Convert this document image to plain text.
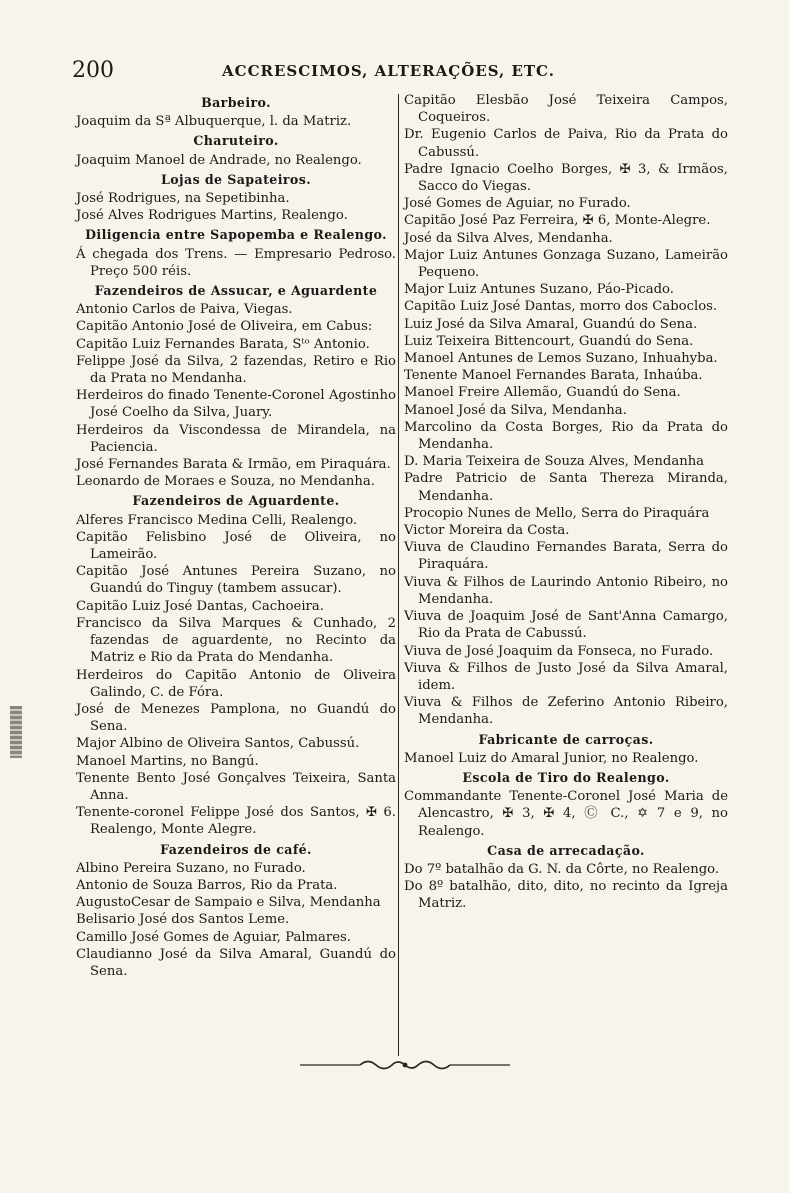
200	ACCRESCIMOS, ALTERAÇÕES, ETC.
Barbeiro.
Joaquim da Sª Albuquerque, l. da Matriz.
Charuteiro.
Joaquim Manoel de Andrade, no Realengo.
Lojas de Sapateiros.
José Rodrigues, na Sepetibinha.
José Alves Rodrigues Martins, Realengo.
Diligencia entre Sapopemba e Realengo.
Á chegada dos Trens. — Empresario Pedroso. Preço 500 réis.
Fazendeiros de Assucar, e Aguardente
Antonio Carlos de Paiva, Viegas.
Capitão Antonio José de Oliveira, em Cabus:
Capitão Luiz Fernandes Barata, Sᵗᵒ Antonio.
Felippe José da Silva, 2 fazendas, Retiro e Rio da Prata no Mendanha.
Herdeiros do finado Tenente-Coronel Agostinho José Coelho da Silva, Juary.
Herdeiros da Viscondessa de Mirandela, na Paciencia.
José Fernandes Barata & Irmão, em Piraquára.
Leonardo de Moraes e Souza, no Mendanha.
Fazendeiros de Aguardente.
Alferes Francisco Medina Celli, Realengo.
Capitão Felisbino José de Oliveira, no Lameirão.
Capitão José Antunes Pereira Suzano, no Guandú do Tinguy (tambem assucar).
Capitão Luiz José Dantas, Cachoeira.
Francisco da Silva Marques & Cunhado, 2 fazendas de aguardente, no Recinto da Matriz e Rio da Prata do Mendanha.
Herdeiros do Capitão Antonio de Oliveira Galindo, C. de Fóra.
José de Menezes Pamplona, no Guandú do Sena.
Major Albino de Oliveira Santos, Cabussú.
Manoel Martins, no Bangú.
Tenente Bento José Gonçalves Teixeira, Santa Anna.
Tenente-coronel Felippe José dos Santos, ✠ 6. Realengo, Monte Alegre.
Fazendeiros de café.
Albino Pereira Suzano, no Furado.
Antonio de Souza Barros, Rio da Prata.
AugustoCesar de Sampaio e Silva, Mendanha
Belisario José dos Santos Leme.
Camillo José Gomes de Aguiar, Palmares.
Claudianno José da Silva Amaral, Guandú do Sena.
Capitão Elesbão José Teixeira Campos, Coqueiros.
Dr. Eugenio Carlos de Paiva, Rio da Prata do Cabussú.
Padre Ignacio Coelho Borges, ✠ 3, & Irmãos, Sacco do Viegas.
José Gomes de Aguiar, no Furado.
Capitão José Paz Ferreira, ✠ 6, Monte-Alegre.
José da Silva Alves, Mendanha.
Major Luiz Antunes Gonzaga Suzano, Lameirão Pequeno.
Major Luiz Antunes Suzano, Páo-Picado.
Capitão Luiz José Dantas, morro dos Caboclos.
Luiz José da Silva Amaral, Guandú do Sena.
Luiz Teixeira Bittencourt, Guandú do Sena.
Manoel Antunes de Lemos Suzano, Inhuahyba.
Tenente Manoel Fernandes Barata, Inhaúba.
Manoel Freire Allemão, Guandú do Sena.
Manoel José da Silva, Mendanha.
Marcolino da Costa Borges, Rio da Prata do Mendanha.
D. Maria Teixeira de Souza Alves, Mendanha
Padre Patricio de Santa Thereza Miranda, Mendanha.
Procopio Nunes de Mello, Serra do Piraquára
Victor Moreira da Costa.
Viuva de Claudino Fernandes Barata, Serra do Piraquára.
Viuva & Filhos de Laurindo Antonio Ribeiro, no Mendanha.
Viuva de Joaquim José de Sant'Anna Camargo, Rio da Prata de Cabussú.
Viuva de José Joaquim da Fonseca, no Furado.
Viuva & Filhos de Justo José da Silva Amaral, idem.
Viuva & Filhos de Zeferino Antonio Ribeiro, Mendanha.
Fabricante de carroças.
Manoel Luiz do Amaral Junior, no Realengo.
Escola de Tiro do Realengo.
Commandante Tenente-Coronel José Maria de Alencastro, ✠ 3, ✠ 4, Ⓒ C., ✡ 7 e 9, no Realengo.
Casa de arrecadação.
Do 7º batalhão da G. N. da Côrte, no Realengo.
Do 8º batalhão, dito, dito, no recinto da Igreja Matriz.
